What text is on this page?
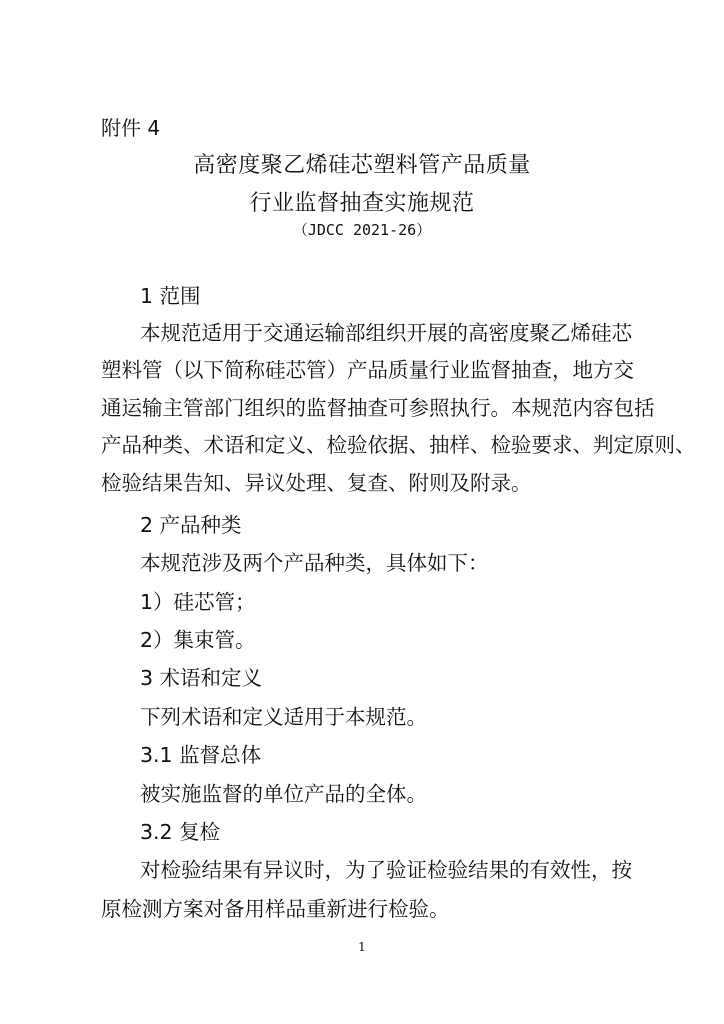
附件 4
高密度聚乙烯硅芯塑料管产品质量
行业监督抽查实施规范
（JDCC 2021-26）
1 范围
本规范适用于交通运输部组织开展的高密度聚乙烯硅芯
塑料管（以下简称硅芯管）产品质量行业监督抽查，地方交
通运输主管部门组织的监督抽查可参照执行。本规范内容包括
产品种类、术语和定义、检验依据、抽样、检验要求、判定原则、
检验结果告知、异议处理、复查、附则及附录。
2 产品种类
本规范涉及两个产品种类，具体如下：
1）硅芯管；
2）集束管。
3 术语和定义
下列术语和定义适用于本规范。
3.1 监督总体
被实施监督的单位产品的全体。
3.2 复检
对检验结果有异议时，为了验证检验结果的有效性，按
原检测方案对备用样品重新进行检验。
1
